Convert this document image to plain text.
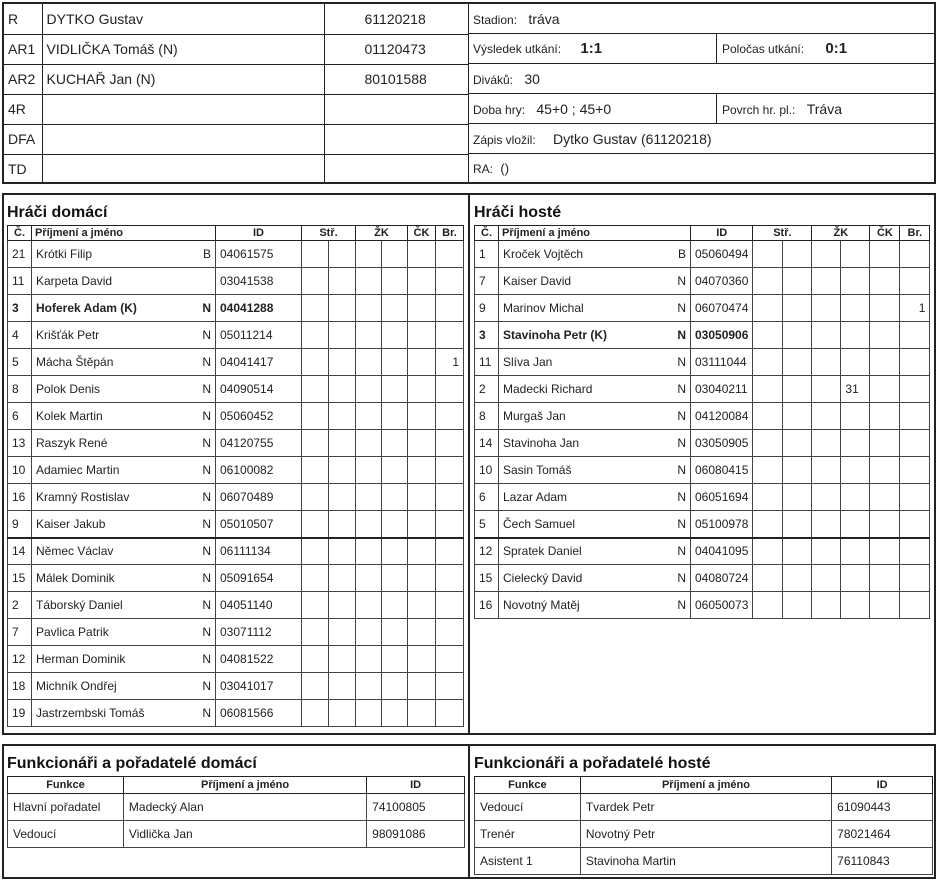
R	DYTKO Gustav	61120218
AR1	VIDLIČKA Tomáš (N)	01120473
AR2	KUCHAŘ Jan (N)	80101588
4R		
DFA		
TD		
Stadion: tráva
Výsledek utkání: 1:1	Poločas utkání: 0:1
Diváků: 30
Doba hry: 45+0 ; 45+0	Povrch hr. pl.: Tráva
Zápis vložil: Dytko Gustav (61120218)
RA: ()
Hráči domácí
Č.	Příjmení a jméno	ID	Stř.		ŽK		ČK	Br.
21	Krótki Filip B	04061575						
11	Karpeta David	03041538						
3	Hoferek Adam (K) N	04041288						
4	Krišťák Petr N	05011214						
5	Mácha Štěpán N	04041417						1
8	Polok Denis N	04090514						
6	Kolek Martin N	05060452						
13	Raszyk René N	04120755						
10	Adamiec Martin N	06100082						
16	Kramný Rostislav N	06070489						
9	Kaiser Jakub N	05010507						
14	Němec Václav N	06111134						
15	Málek Dominik N	05091654						
2	Táborský Daniel N	04051140						
7	Pavlica Patrik N	03071112						
12	Herman Dominik N	04081522						
18	Michník Ondřej N	03041017						
19	Jastrzembski Tomáš N	06081566						
Hráči hosté
Č.	Příjmení a jméno	ID	Stř.		ŽK		ČK	Br.
1	Kroček Vojtěch B	05060494						
7	Kaiser David N	04070360						
9	Marinov Michal N	06070474						1
3	Stavinoha Petr (K) N	03050906						
11	Slíva Jan N	03111044						
2	Madecki Richard N	03040211				31		
8	Murgaš Jan N	04120084						
14	Stavinoha Jan N	03050905						
10	Sasin Tomáš N	06080415						
6	Lazar Adam N	06051694						
5	Čech Samuel N	05100978						
12	Spratek Daniel N	04041095						
15	Cielecký David N	04080724						
16	Novotný Matěj N	06050073						
Funkcionáři a pořadatelé domácí
Funkce	Příjmení a jméno	ID
Hlavní pořadatel	Madecký Alan	74100805
Vedoucí	Vidlička Jan	98091086
Funkcionáři a pořadatelé hosté
Funkce	Příjmení a jméno	ID
Vedoucí	Tvardek Petr	61090443
Trenér	Novotný Petr	78021464
Asistent 1	Stavinoha Martin	76110843
